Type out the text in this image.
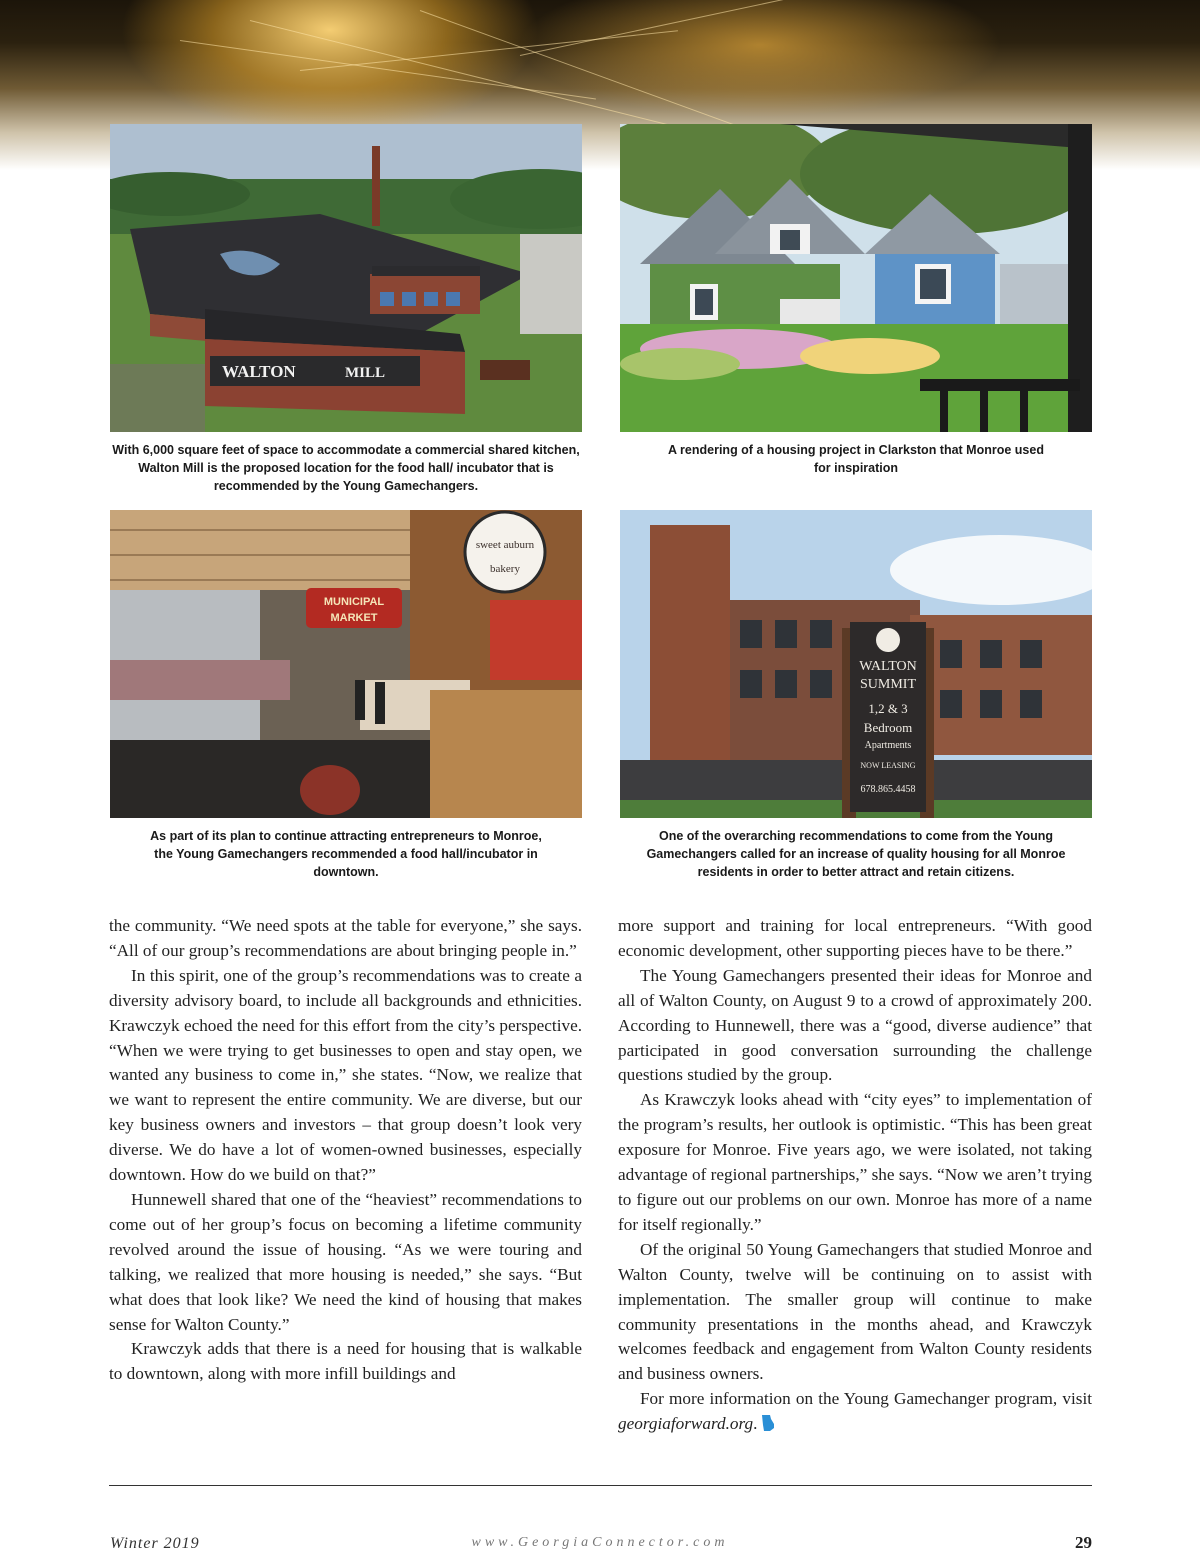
WALTON	MILL
With 6,000 square feet of space to accommodate a commercial shared kitchen, Walton Mill is the proposed location for the food hall/ incubator that is recommended by the Young Gamechangers.
A rendering of a housing project in Clarkston that Monroe used for inspiration
sweet auburn
bakery
MUNICIPAL
MARKET
WALTON
SUMMIT
1,2 & 3
Bedroom
Apartments
NOW LEASING
678.865.4458
As part of its plan to continue attracting entrepreneurs to Monroe, the Young Gamechangers recommended a food hall/incubator in downtown.
One of the overarching recommendations to come from the Young Gamechangers called for an increase of quality housing for all Monroe residents in order to better attract and retain citizens.

the community. “We need spots at the table for everyone,” she says. “All of our group’s recommendations are about bringing people in.”

In this spirit, one of the group’s recommendations was to create a diversity advisory board, to include all backgrounds and ethnicities. Krawczyk echoed the need for this effort from the city’s perspective. “When we were trying to get businesses to open and stay open, we wanted any business to come in,” she states. “Now, we realize that we want to represent the entire community. We are diverse, but our key business owners and investors – that group doesn’t look very diverse. We do have a lot of women-owned businesses, especially downtown. How do we build on that?”

Hunnewell shared that one of the “heaviest” recommendations to come out of her group’s focus on becoming a lifetime community revolved around the issue of housing. “As we were touring and talking, we realized that more housing is needed,” she says. “But what does that look like? We need the kind of housing that makes sense for Walton County.”

Krawczyk adds that there is a need for housing that is walkable to downtown, along with more infill buildings and

more support and training for local entrepreneurs. “With good economic development, other supporting pieces have to be there.”

The Young Gamechangers presented their ideas for Monroe and all of Walton County, on August 9 to a crowd of approximately 200. According to Hunnewell, there was a “good, diverse audience” that participated in good conversation surrounding the challenge questions studied by the group.

As Krawczyk looks ahead with “city eyes” to implementation of the program’s results, her outlook is optimistic. “This has been great exposure for Monroe. Five years ago, we were isolated, not taking advantage of regional partnerships,” she says. “Now we aren’t trying to figure out our problems on our own. Monroe has more of a name for itself regionally.”

Of the original 50 Young Gamechangers that studied Monroe and Walton County, twelve will be continuing on to assist with implementation. The smaller group will continue to make community presentations in the months ahead, and Krawczyk welcomes feedback and engagement from Walton County residents and business owners.

For more information on the Young Gamechanger program, visit georgiaforward.org.

Winter 2019	www.GeorgiaConnector.com	29
